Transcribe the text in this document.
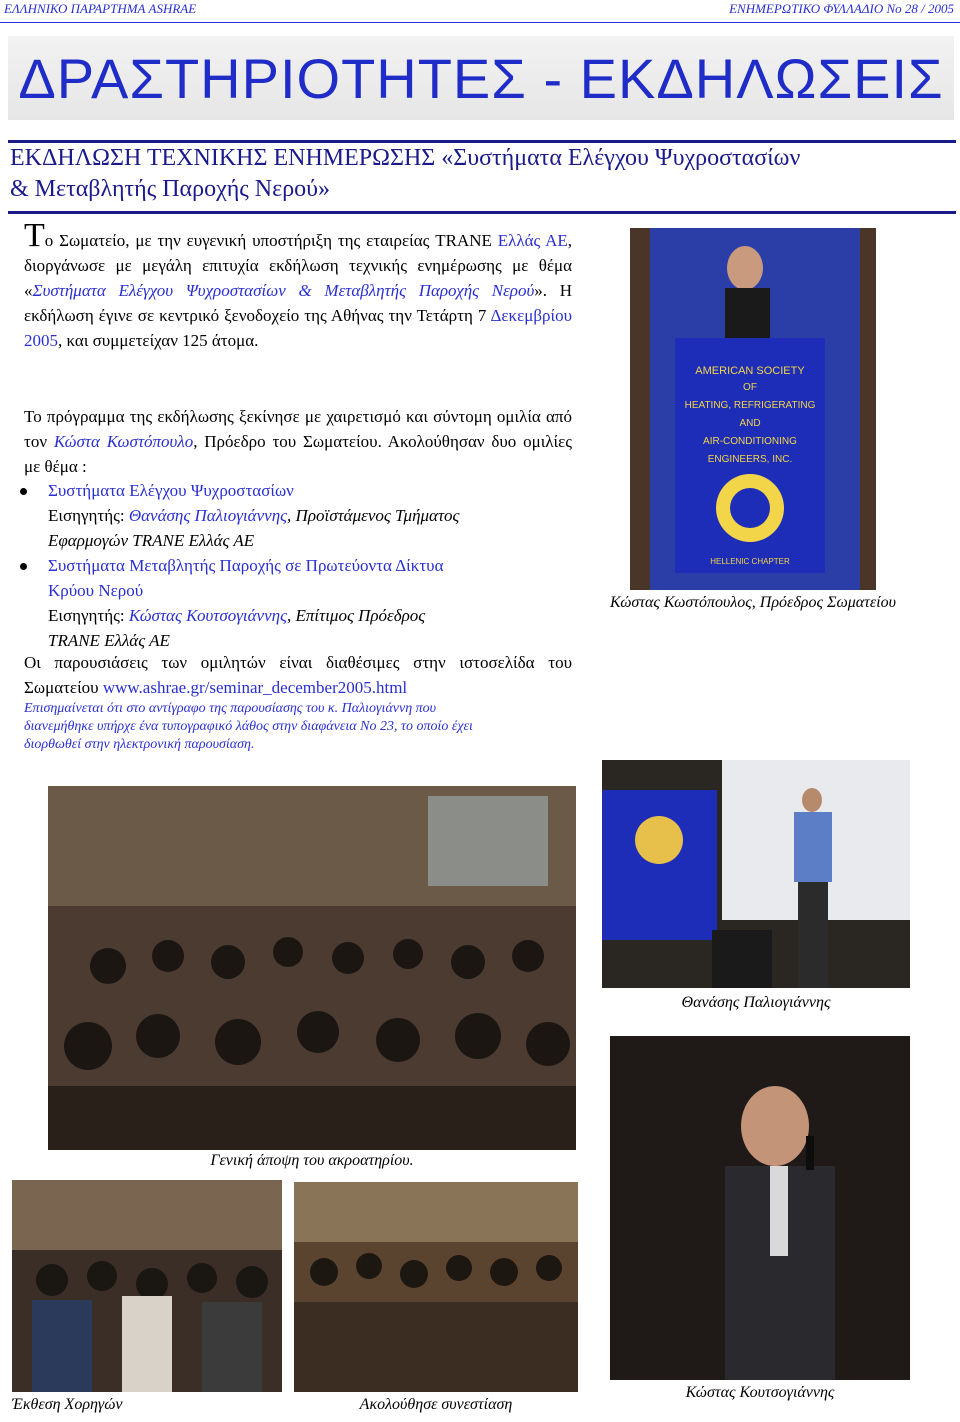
ΕΛΛΗΝΙΚΟ ΠΑΡΑΡΤΗΜΑ ASHRAE	ΕΝΗΜΕΡΩΤΙΚΟ ΦΥΛΛΑΔΙΟ Νο 28 / 2005
ΔΡΑΣΤΗΡΙΟΤΗΤΕΣ - ΕΚΔΗΛΩΣΕΙΣ
ΕΚΔΗΛΩΣΗ ΤΕΧΝΙΚΗΣ ΕΝΗΜΕΡΩΣΗΣ «Συστήματα Ελέγχου Ψυχροστασίων
& Μεταβλητής Παροχής Νερού»
Το Σωματείο, με την ευγενική υποστήριξη της εταιρείας TRANE Ελλάς ΑΕ, διοργάνωσε με μεγάλη επιτυχία εκδήλωση τεχνικής ενημέρωσης με θέμα «Συστήματα Ελέγχου Ψυχροστασίων & Μεταβλητής Παροχής Νερού». Η εκδήλωση έγινε σε κεντρικό ξενοδοχείο της Αθήνας την Τετάρτη 7 Δεκεμβρίου 2005, και συμμετείχαν 125 άτομα.
Το πρόγραμμα της εκδήλωσης ξεκίνησε με χαιρετισμό και σύντομη ομιλία από τον Κώστα Κωστόπουλο, Πρόεδρο του Σωματείου. Ακολούθησαν δυο ομιλίες με θέμα :
Συστήματα Ελέγχου Ψυχροστασίων
Εισηγητής: Θανάσης Παλιογιάννης, Προϊστάμενος Τμήματος
Εφαρμογών TRANE Ελλάς ΑΕ
Συστήματα Μεταβλητής Παροχής σε Πρωτεύοντα Δίκτυα
Κρύου Νερού
Εισηγητής: Κώστας Κουτσογιάννης, Επίτιμος Πρόεδρος
TRANE Ελλάς ΑΕ
Οι παρουσιάσεις των ομιλητών είναι διαθέσιμες στην ιστοσελίδα του Σωματείου www.ashrae.gr/seminar_december2005.html
Επισημαίνεται ότι στο αντίγραφο της παρουσίασης του κ. Παλιογιάννη που
διανεμήθηκε υπήρχε ένα τυπογραφικό λάθος στην διαφάνεια Νο 23, το οποίο έχει
διορθωθεί στην ηλεκτρονική παρουσίαση.
AMERICAN SOCIETY
OF
HEATING, REFRIGERATING
AND
AIR-CONDITIONING
ENGINEERS, INC.
HELLENIC CHAPTER
Κώστας Κωστόπουλος, Πρόεδρος Σωματείου
Θανάσης Παλιογιάννης
Γενική άποψη του ακροατηρίου.
Έκθεση Χορηγών	Ακολούθησε συνεστίαση
Κώστας Κουτσογιάννης
